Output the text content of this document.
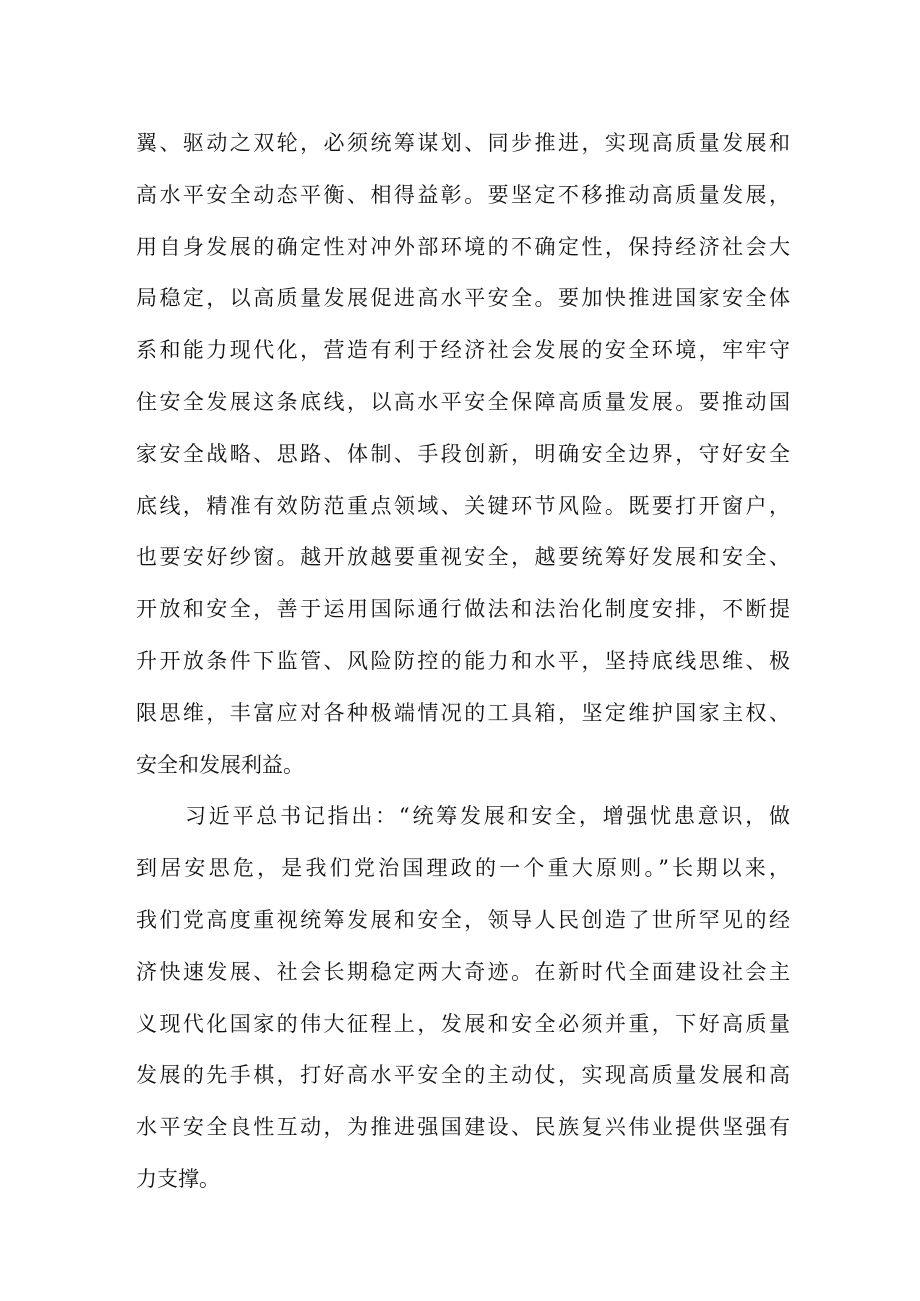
翼、驱动之双轮，必须统筹谋划、同步推进，实现高质量发展和
高水平安全动态平衡、相得益彰。要坚定不移推动高质量发展，
用自身发展的确定性对冲外部环境的不确定性，保持经济社会大
局稳定，以高质量发展促进高水平安全。要加快推进国家安全体
系和能力现代化，营造有利于经济社会发展的安全环境，牢牢守
住安全发展这条底线，以高水平安全保障高质量发展。要推动国
家安全战略、思路、体制、手段创新，明确安全边界，守好安全
底线，精准有效防范重点领域、关键环节风险。既要打开窗户，
也要安好纱窗。越开放越要重视安全，越要统筹好发展和安全、
开放和安全，善于运用国际通行做法和法治化制度安排，不断提
升开放条件下监管、风险防控的能力和水平，坚持底线思维、极
限思维，丰富应对各种极端情况的工具箱，坚定维护国家主权、
安全和发展利益。
习近平总书记指出：“统筹发展和安全，增强忧患意识，做
到居安思危，是我们党治国理政的一个重大原则。”长期以来，
我们党高度重视统筹发展和安全，领导人民创造了世所罕见的经
济快速发展、社会长期稳定两大奇迹。在新时代全面建设社会主
义现代化国家的伟大征程上，发展和安全必须并重，下好高质量
发展的先手棋，打好高水平安全的主动仗，实现高质量发展和高
水平安全良性互动，为推进强国建设、民族复兴伟业提供坚强有
力支撑。
